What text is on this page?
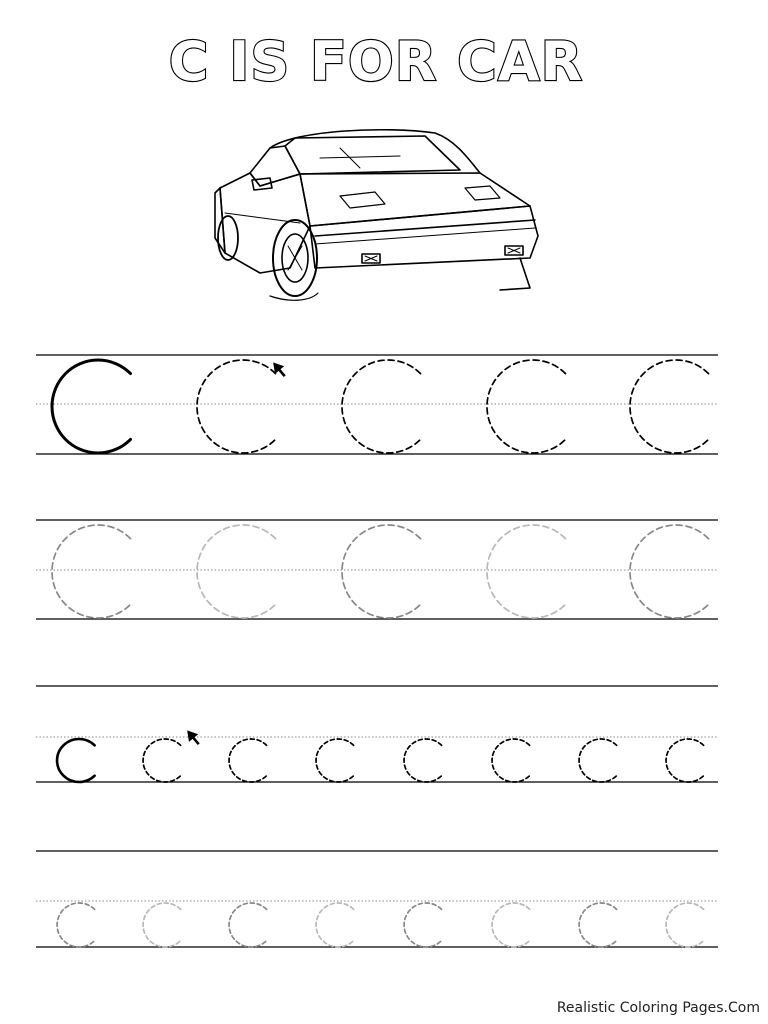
C IS FOR CAR
Realistic Coloring Pages.Com
